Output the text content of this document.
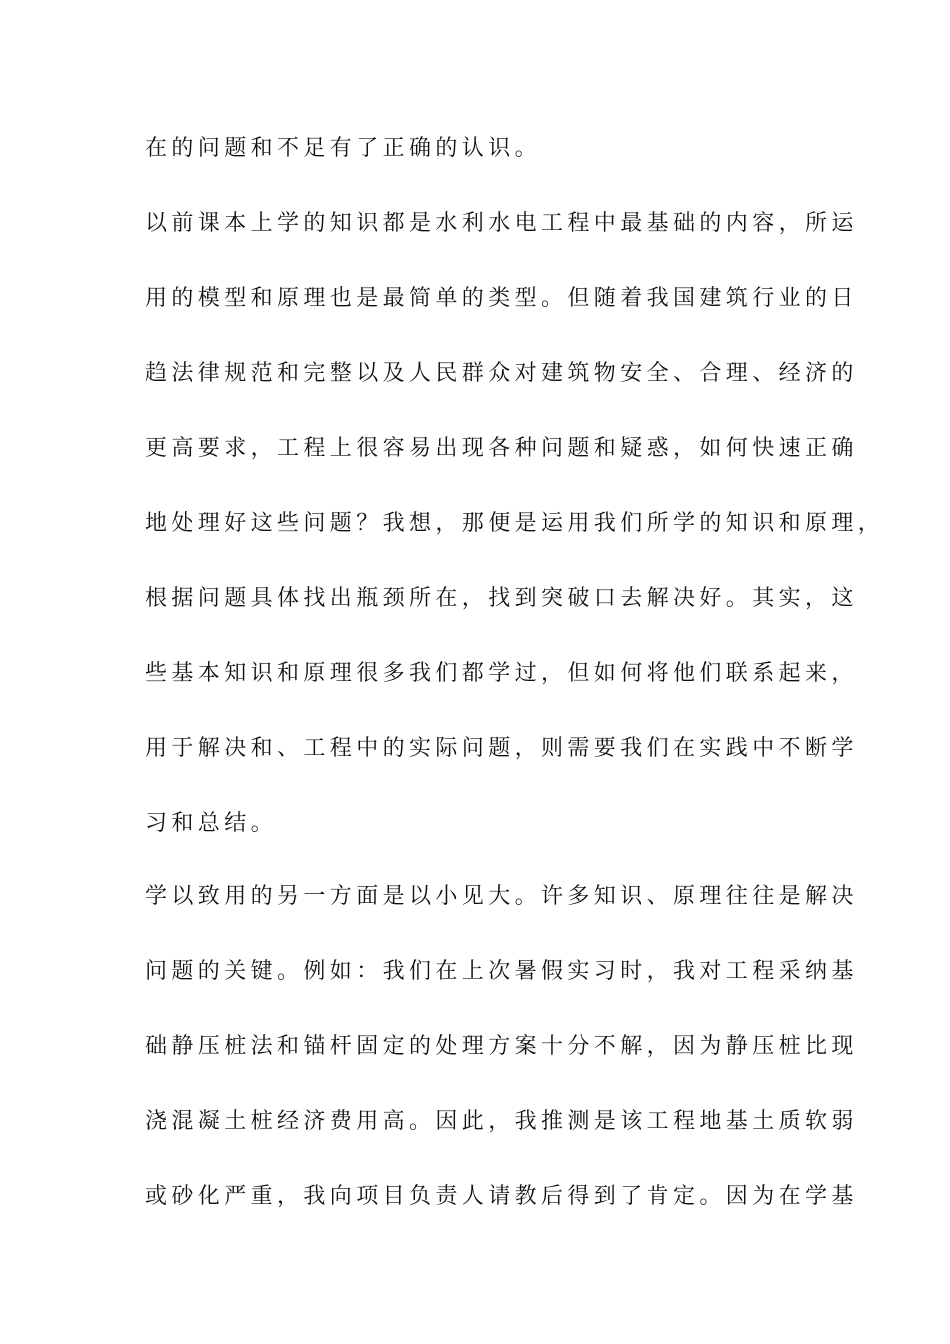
在的问题和不足有了正确的认识。
以前课本上学的知识都是水利水电工程中最基础的内容，所运
用的模型和原理也是最简单的类型。但随着我国建筑行业的日
趋法律规范和完整以及人民群众对建筑物安全、合理、经济的
更高要求，工程上很容易出现各种问题和疑惑，如何快速正确
地处理好这些问题？我想，那便是运用我们所学的知识和原理，
根据问题具体找出瓶颈所在，找到突破口去解决好。其实，这
些基本知识和原理很多我们都学过，但如何将他们联系起来，
用于解决和、工程中的实际问题，则需要我们在实践中不断学
习和总结。
学以致用的另一方面是以小见大。许多知识、原理往往是解决
问题的关键。例如：我们在上次暑假实习时，我对工程采纳基
础静压桩法和锚杆固定的处理方案十分不解，因为静压桩比现
浇混凝土桩经济费用高。因此，我推测是该工程地基土质软弱
或砂化严重，我向项目负责人请教后得到了肯定。因为在学基
